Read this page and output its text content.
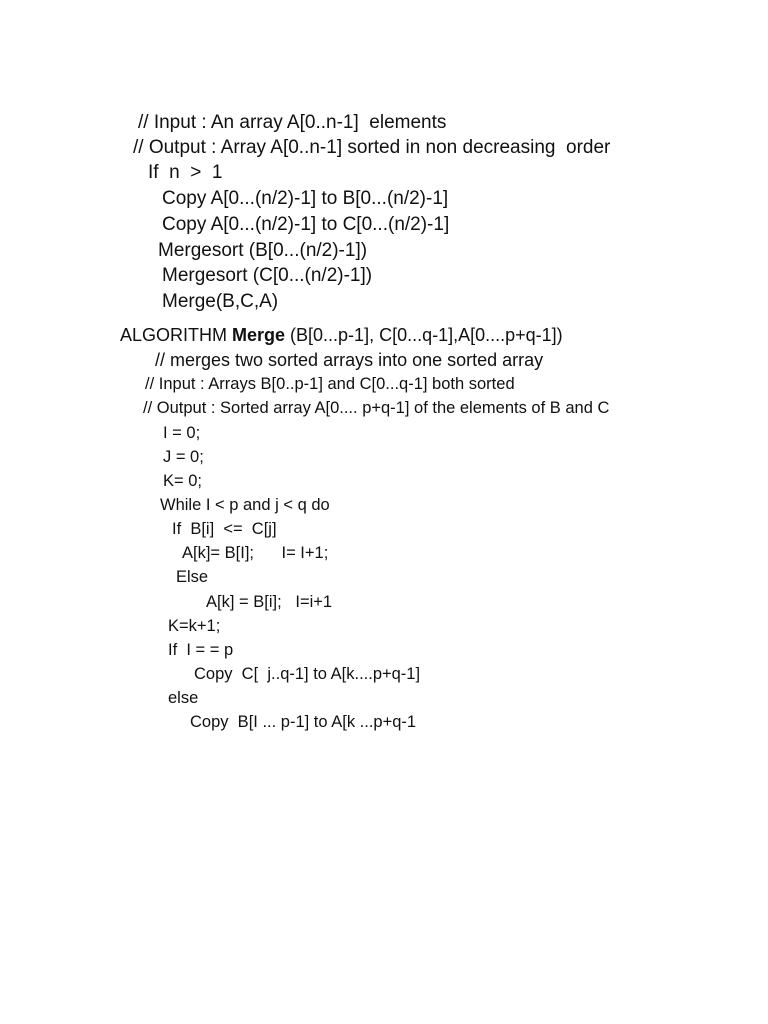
// Input : An array A[0..n-1]  elements
// Output : Array A[0..n-1] sorted in non decreasing  order
If  n  >  1
Copy A[0...(n/2)-1] to B[0...(n/2)-1]
Copy A[0...(n/2)-1] to C[0...(n/2)-1]
Mergesort (B[0...(n/2)-1])
Mergesort (C[0...(n/2)-1])
Merge(B,C,A)
ALGORITHM Merge (B[0...p-1], C[0...q-1],A[0....p+q-1])
// merges two sorted arrays into one sorted array
// Input : Arrays B[0..p-1] and C[0...q-1] both sorted
// Output : Sorted array A[0.... p+q-1] of the elements of B and C
I = 0;
J = 0;
K= 0;
While I < p and j < q do
If  B[i]  <=  C[j]
A[k]= B[I];      I= I+1;
Else
A[k] = B[i];   I=i+1
K=k+1;
If  I = = p
Copy  C[  j..q-1] to A[k....p+q-1]
else
Copy  B[I ... p-1] to A[k ...p+q-1
